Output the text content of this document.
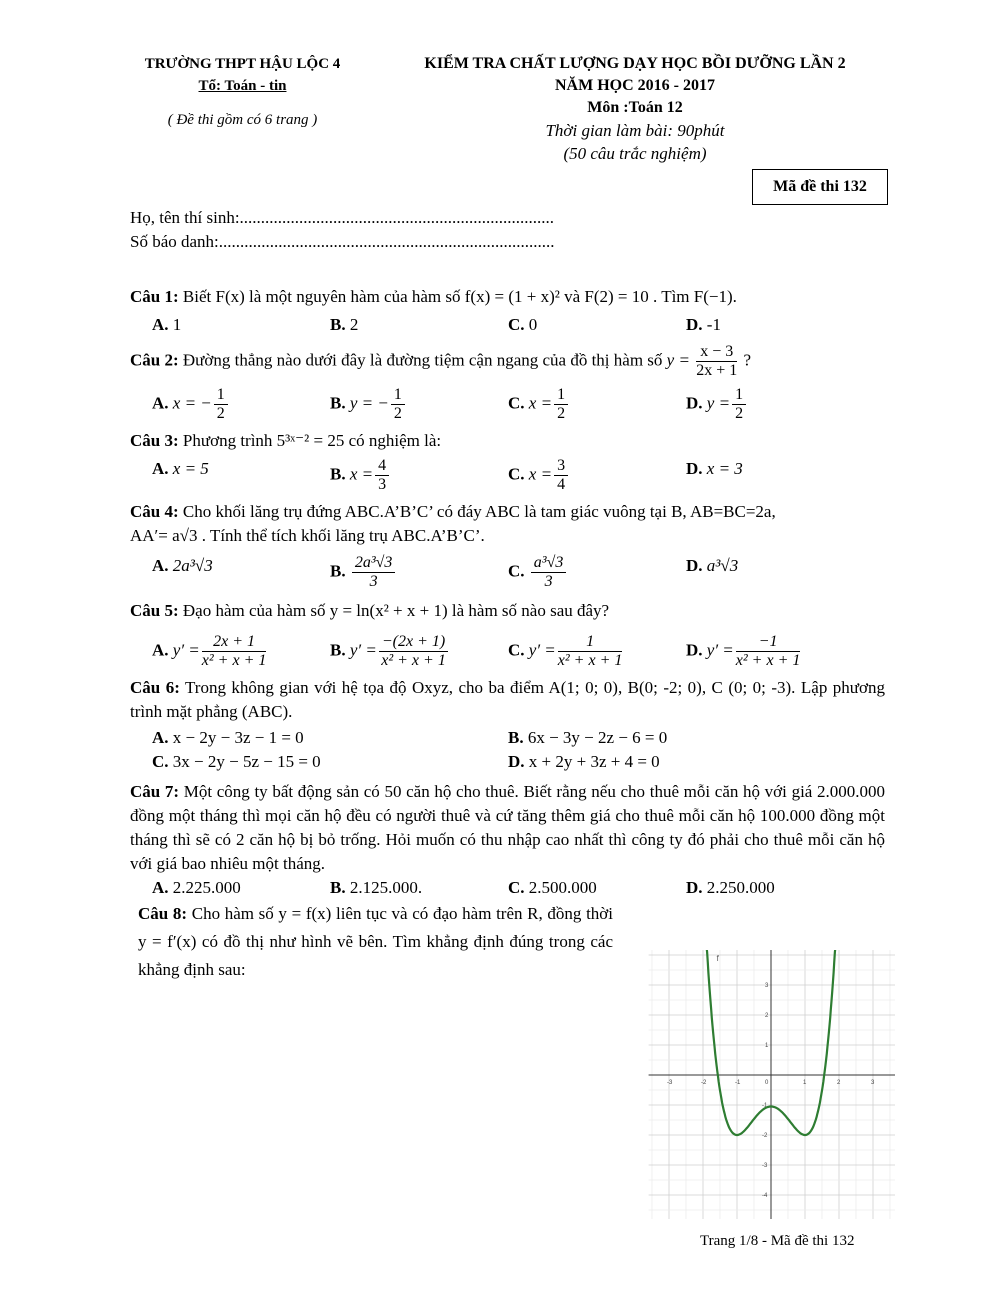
TRƯỜNG THPT HẬU LỘC 4
Tổ: Toán - tin
( Đề thi gồm có 6 trang )
KIỂM TRA CHẤT LƯỢNG DẠY HỌC BỒI DƯỠNG LẦN 2
NĂM HỌC 2016 - 2017
Môn :Toán 12
Thời gian làm bài: 90phút
(50 câu trắc nghiệm)
Mã đề thi 132
Họ, tên thí sinh:..........................................................................
Số báo danh:...............................................................................

Câu 1: Biết F(x) là một nguyên hàm của hàm số f(x) = (1 + x)² và F(2) = 10 . Tìm F(−1).

A. 1	B. 2	C. 0	D. -1

Câu 2: Đường thẳng nào dưới đây là đường tiệm cận ngang của đồ thị hàm số $y = \frac{x - 3}{2x + 1}$ ?

A. x = − $\frac{1}{2}$	B. y = − $\frac{1}{2}$	C. $x = \frac{1}{2}$	D. $y = \frac{1}{2}$

Câu 3: Phương trình 5³ˣ⁻² = 25 có nghiệm là:

A. x = 5	B. $x = \frac{4}{3}$	C. $x = \frac{3}{4}$	D. x = 3

Câu 4: Cho khối lăng trụ đứng ABC.A’B’C’ có đáy ABC là tam giác vuông tại B, AB=BC=2a,

AA′= a√3 . Tính thể tích khối lăng trụ ABC.A’B’C’.

A. 2a³√3	B. $\frac{\text{2a³√3}}{3}$	C. $\frac{\text{a³√3}}{3}$	D. a³√3

Câu 5: Đạo hàm của hàm số y = ln(x² + x + 1) là hàm số nào sau đây?

A. $y' = \frac{2x + 1}{\text{x² + x + 1}}$	B. $y' = \frac{-(2x + 1)}{\text{x² + x + 1}}$	C. $y' = \frac{1}{\text{x² + x + 1}}$	D. $y' = \frac{-1}{\text{x² + x + 1}}$

Câu 6: Trong không gian với hệ tọa độ Oxyz, cho ba điểm A(1; 0; 0), B(0; -2; 0), C (0; 0; -3). Lập phương trình mặt phẳng (ABC).

A. x − 2y − 3z − 1 = 0	B. 6x − 3y − 2z − 6 = 0
C. 3x − 2y − 5z − 15 = 0	D. x + 2y + 3z + 4 = 0

Câu 7: Một công ty bất động sản có 50 căn hộ cho thuê. Biết rằng nếu cho thuê mỗi căn hộ với giá 2.000.000 đồng một tháng thì mọi căn hộ đều có người thuê và cứ tăng thêm giá cho thuê mỗi căn hộ 100.000 đồng một tháng thì sẽ có 2 căn hộ bị bỏ trống. Hỏi muốn có thu nhập cao nhất thì công ty đó phải cho thuê mỗi căn hộ với giá bao nhiêu một tháng.

A. 2.225.000	B. 2.125.000.	C. 2.500.000	D. 2.250.000

Câu 8: Cho hàm số y = f(x) liên tục và có đạo hàm trên R, đồng thời y = f′(x) có đồ thị như hình vẽ bên. Tìm khẳng định đúng trong các khẳng định sau:

-3	-2	-1	0	1	2	3
3
2
1
-1
-2
-3
-4
f
Trang 1/8 - Mã đề thi 132
